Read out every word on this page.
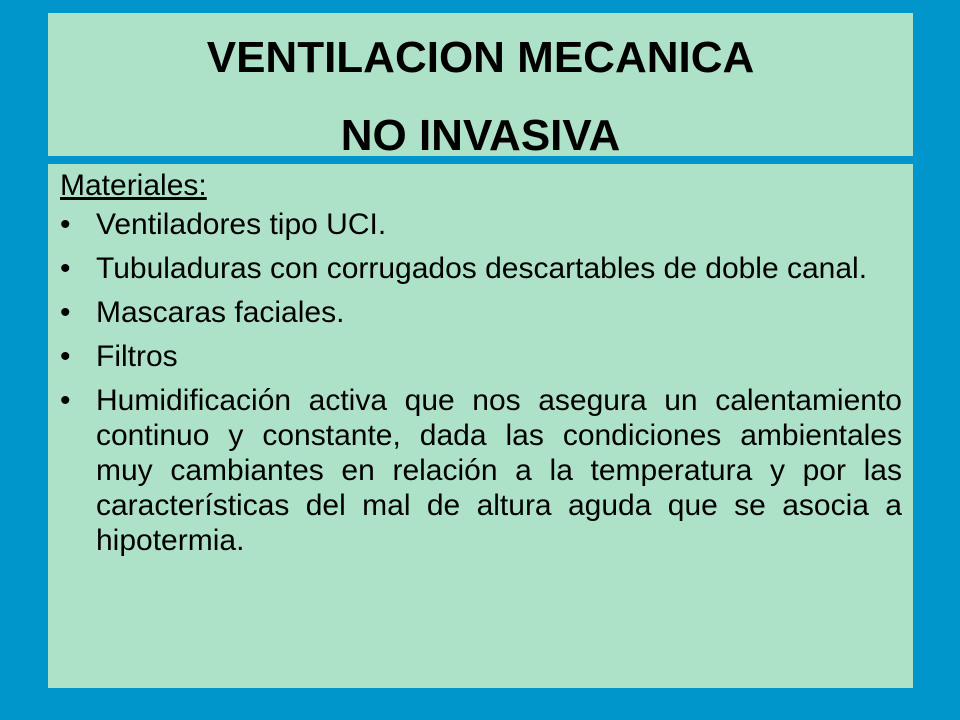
VENTILACION MECANICA
NO INVASIVA
Materiales:
• Ventiladores tipo UCI.
• Tubuladuras con corrugados descartables de doble canal.
• Mascaras faciales.
• Filtros
• Humidificación activa que nos asegura un calentamiento continuo y constante, dada las condiciones ambientales muy cambiantes en relación a la temperatura y por las características del mal de altura aguda que se asocia a hipotermia.
